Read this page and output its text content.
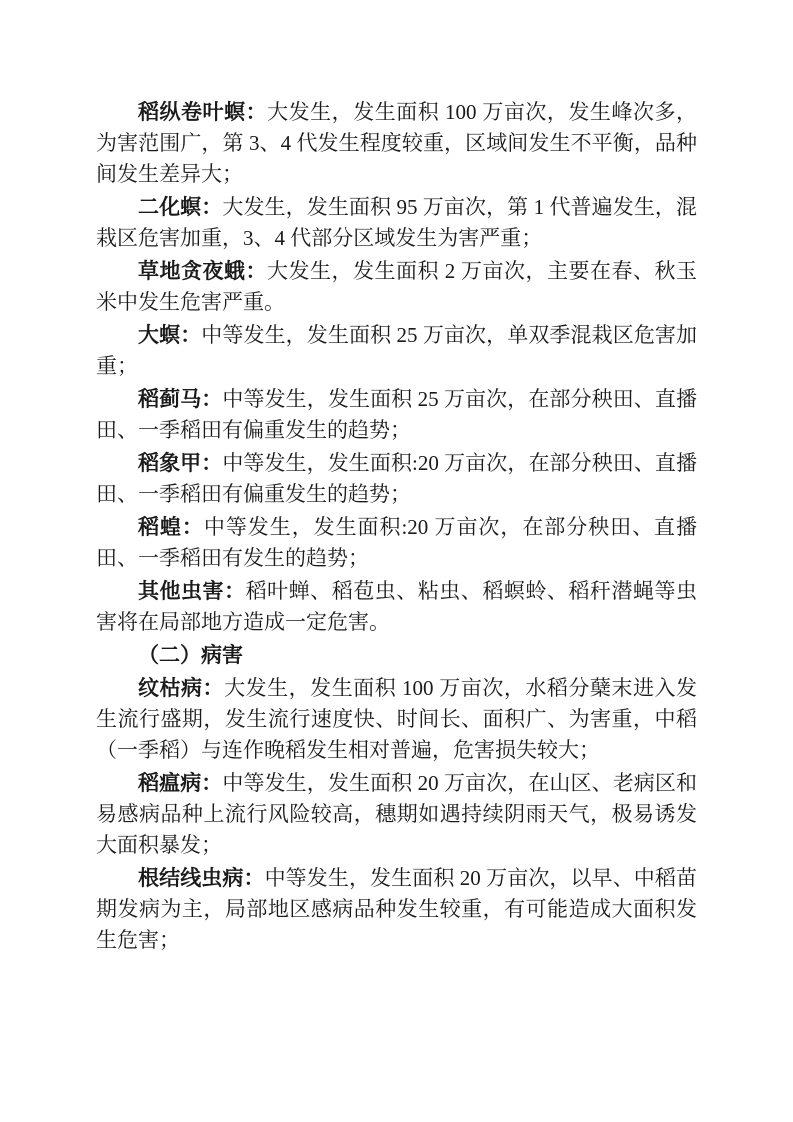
稻纵卷叶螟：大发生，发生面积 100 万亩次，发生峰次多，为害范围广，第 3、4 代发生程度较重，区域间发生不平衡，品种间发生差异大；

二化螟：大发生，发生面积 95 万亩次，第 1 代普遍发生，混栽区危害加重，3、4 代部分区域发生为害严重；

草地贪夜蛾：大发生，发生面积 2 万亩次，主要在春、秋玉米中发生危害严重。

大螟：中等发生，发生面积 25 万亩次，单双季混栽区危害加重；

稻蓟马：中等发生，发生面积 25 万亩次，在部分秧田、直播田、一季稻田有偏重发生的趋势；

稻象甲：中等发生，发生面积:20 万亩次，在部分秧田、直播田、一季稻田有偏重发生的趋势；

稻蝗：中等发生，发生面积:20 万亩次，在部分秧田、直播田、一季稻田有发生的趋势；

其他虫害：稻叶蝉、稻苞虫、粘虫、稻螟蛉、稻秆潜蝇等虫害将在局部地方造成一定危害。

（二）病害

纹枯病：大发生，发生面积 100 万亩次，水稻分蘖末进入发生流行盛期，发生流行速度快、时间长、面积广、为害重，中稻（一季稻）与连作晚稻发生相对普遍，危害损失较大；

稻瘟病：中等发生，发生面积 20 万亩次，在山区、老病区和易感病品种上流行风险较高，穗期如遇持续阴雨天气，极易诱发大面积暴发；

根结线虫病：中等发生，发生面积 20 万亩次，以早、中稻苗期发病为主，局部地区感病品种发生较重，有可能造成大面积发生危害；
